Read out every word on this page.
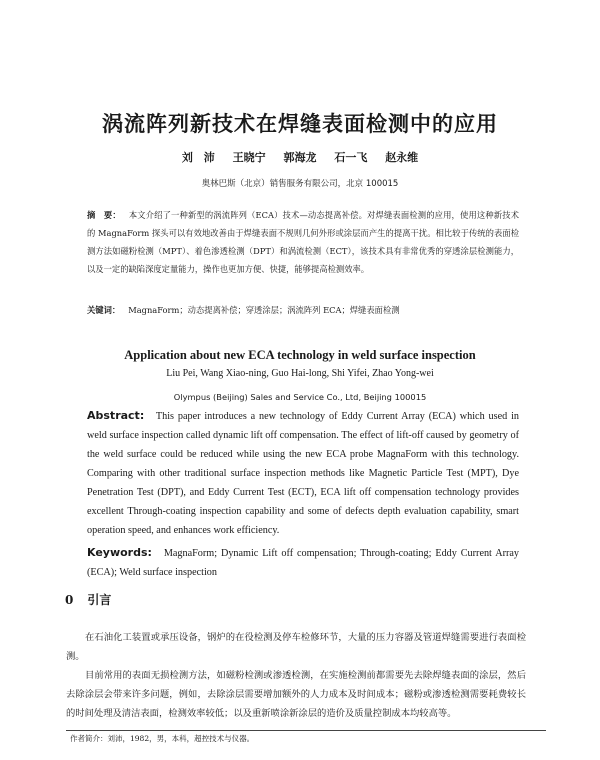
涡流阵列新技术在焊缝表面检测中的应用
刘　沛 王晓宁 郭海龙 石一飞 赵永维
奥林巴斯（北京）销售服务有限公司，北京 100015
摘　要： 本文介绍了一种新型的涡流阵列（ECA）技术—动态提离补偿。对焊缝表面检测的应用，使用这种新技术的 MagnaForm 探头可以有效地改善由于焊缝表面不规则几何外形或涂层而产生的提离干扰。相比较于传统的表面检测方法如磁粉检测（MPT）、着色渗透检测（DPT）和涡流检测（ECT），该技术具有非常优秀的穿透涂层检测能力，以及一定的缺陷深度定量能力，操作也更加方便、快捷，能够提高检测效率。
关键词： MagnaForm；动态提离补偿；穿透涂层；涡流阵列 ECA；焊缝表面检测
Application about new ECA technology in weld surface inspection
Liu Pei, Wang Xiao-ning, Guo Hai-long, Shi Yifei, Zhao Yong-wei
Olympus (Beijing) Sales and Service Co., Ltd, Beijing 100015
Abstract: This paper introduces a new technology of Eddy Current Array (ECA) which used in weld surface inspection called dynamic lift off compensation. The effect of lift-off caused by geometry of the weld surface could be reduced while using the new ECA probe MagnaForm with this technology. Comparing with other traditional surface inspection methods like Magnetic Particle Test (MPT), Dye Penetration Test (DPT), and Eddy Current Test (ECT), ECA lift off compensation technology provides excellent Through-coating inspection capability and some of defects depth evaluation capability, smart operation speed, and enhances work efficiency.
Keywords: MagnaForm; Dynamic Lift off compensation; Through-coating; Eddy Current Array (ECA); Weld surface inspection
0 引言
在石油化工装置或承压设备，钢炉的在役检测及停车检修环节，大量的压力容器及管道焊缝需要进行表面检测。
目前常用的表面无损检测方法，如磁粉检测或渗透检测，在实施检测前都需要先去除焊缝表面的涂层，然后去除涂层会带来许多问题，例如，去除涂层需要增加额外的人力成本及时间成本；磁粉或渗透检测需要耗费较长的时间处理及清洁表面，检测效率较低；以及重新喷涂新涂层的造价及质量控制成本均较高等。
作者简介：刘沛，1982，男，本科，超控技术与仪器。
